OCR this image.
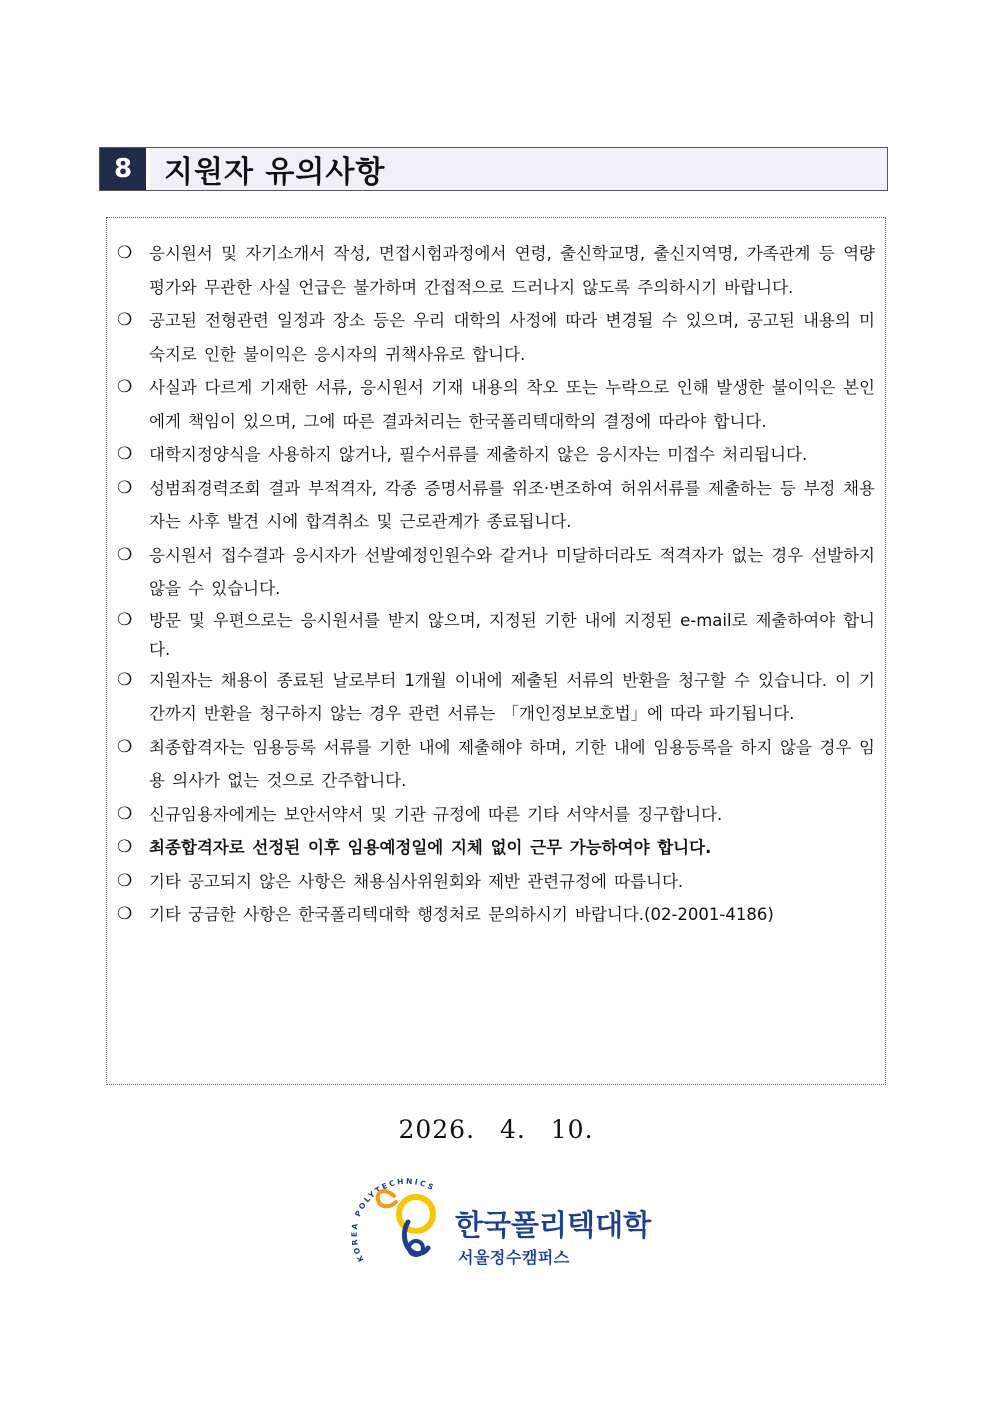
8	지원자 유의사항
❍	응시원서 및 자기소개서 작성, 면접시험과정에서 연령, 출신학교명, 출신지역명, 가족관계 등 역량평가와 무관한 사실 언급은 불가하며 간접적으로 드러나지 않도록 주의하시기 바랍니다.
❍	공고된 전형관련 일정과 장소 등은 우리 대학의 사정에 따라 변경될 수 있으며, 공고된 내용의 미숙지로 인한 불이익은 응시자의 귀책사유로 합니다.
❍	사실과 다르게 기재한 서류, 응시원서 기재 내용의 착오 또는 누락으로 인해 발생한 불이익은 본인에게 책임이 있으며, 그에 따른 결과처리는 한국폴리텍대학의 결정에 따라야 합니다.
❍	대학지정양식을 사용하지 않거나, 필수서류를 제출하지 않은 응시자는 미접수 처리됩니다.
❍	성범죄경력조회 결과 부적격자, 각종 증명서류를 위조·변조하여 허위서류를 제출하는 등 부정 채용자는 사후 발견 시에 합격취소 및 근로관계가 종료됩니다.
❍	응시원서 접수결과 응시자가 선발예정인원수와 같거나 미달하더라도 적격자가 없는 경우 선발하지 않을 수 있습니다.
❍	방문 및 우편으로는 응시원서를 받지 않으며, 지정된 기한 내에 지정된 e-mail로 제출하여야 합니다.
❍	지원자는 채용이 종료된 날로부터 1개월 이내에 제출된 서류의 반환을 청구할 수 있습니다. 이 기간까지 반환을 청구하지 않는 경우 관련 서류는 「개인정보보호법」에 따라 파기됩니다.
❍	최종합격자는 임용등록 서류를 기한 내에 제출해야 하며, 기한 내에 임용등록을 하지 않을 경우 임용 의사가 없는 것으로 간주합니다.
❍	신규임용자에게는 보안서약서 및 기관 규정에 따른 기타 서약서를 징구합니다.
❍	최종합격자로 선정된 이후 임용예정일에 지체 없이 근무 가능하여야 합니다.
❍	기타 공고되지 않은 사항은 채용심사위원회와 제반 관련규정에 따릅니다.
❍	기타 궁금한 사항은 한국폴리텍대학 행정처로 문의하시기 바랍니다.(02-2001-4186)
2026. 4. 10.
KOREA POLYTECHNICS
한국폴리텍대학
서울정수캠퍼스
